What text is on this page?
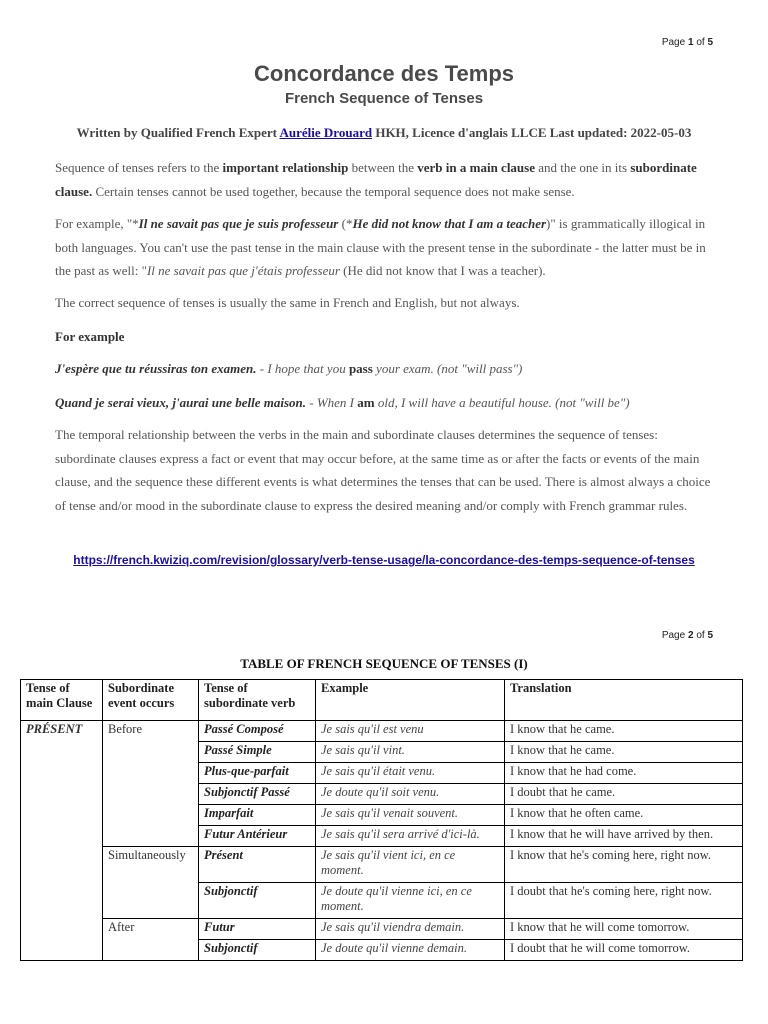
Page 1 of 5
Concordance des Temps
French Sequence of Tenses
Written by Qualified French Expert Aurélie Drouard HKH, Licence d'anglais LLCE Last updated: 2022-05-03
Sequence of tenses refers to the important relationship between the verb in a main clause and the one in its subordinate clause. Certain tenses cannot be used together, because the temporal sequence does not make sense.
For example, "*Il ne savait pas que je suis professeur (*He did not know that I am a teacher)" is grammatically illogical in both languages. You can't use the past tense in the main clause with the present tense in the subordinate - the latter must be in the past as well: "Il ne savait pas que j'étais professeur (He did not know that I was a teacher).
The correct sequence of tenses is usually the same in French and English, but not always.
For example
J'espère que tu réussiras ton examen. - I hope that you pass your exam. (not "will pass")
Quand je serai vieux, j'aurai une belle maison. - When I am old, I will have a beautiful house. (not "will be")
The temporal relationship between the verbs in the main and subordinate clauses determines the sequence of tenses: subordinate clauses express a fact or event that may occur before, at the same time as or after the facts or events of the main clause, and the sequence these different events is what determines the tenses that can be used. There is almost always a choice of tense and/or mood in the subordinate clause to express the desired meaning and/or comply with French grammar rules.
https://french.kwiziq.com/revision/glossary/verb-tense-usage/la-concordance-des-temps-sequence-of-tenses
Page 2 of 5
TABLE OF FRENCH SEQUENCE OF TENSES (I)
Tense of main Clause	Subordinate event occurs	Tense of subordinate verb	Example	Translation
PRÉSENT	Before	Passé Composé	Je sais qu'il est venu	I know that he came.
		Passé Simple	Je sais qu'il vint.	I know that he came.
		Plus-que-parfait	Je sais qu'il était venu.	I know that he had come.
		Subjonctif Passé	Je doute qu'il soit venu.	I doubt that he came.
		Imparfait	Je sais qu'il venait souvent.	I know that he often came.
		Futur Antérieur	Je sais qu'il sera arrivé d'ici-là.	I know that he will have arrived by then.
	Simultaneously	Présent	Je sais qu'il vient ici, en ce moment.	I know that he's coming here, right now.
		Subjonctif	Je doute qu'il vienne ici, en ce moment.	I doubt that he's coming here, right now.
	After	Futur	Je sais qu'il viendra demain.	I know that he will come tomorrow.
		Subjonctif	Je doute qu'il vienne demain.	I doubt that he will come tomorrow.
